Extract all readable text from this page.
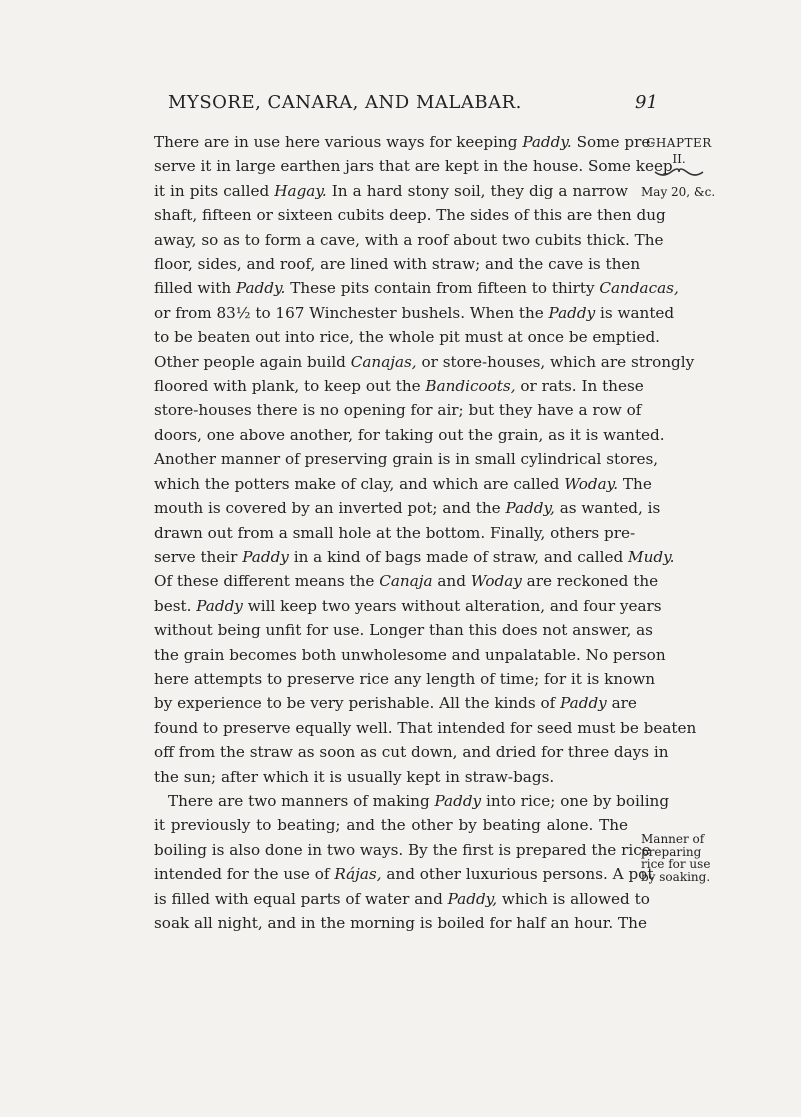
MYSORE, CANARA, AND MALABAR.	91
CHAPTER
II.
May 20, &c.
Manner of preparing rice for use by soaking.
There are in use here various ways for keeping Paddy. Some pre-
serve it in large earthen jars that are kept in the house. Some keep
it in pits called Hagay. In a hard stony soil, they dig a narrow
shaft, fifteen or sixteen cubits deep. The sides of this are then dug
away, so as to form a cave, with a roof about two cubits thick. The
floor, sides, and roof, are lined with straw; and the cave is then
filled with Paddy. These pits contain from fifteen to thirty Candacas,
or from 83½ to 167 Winchester bushels. When the Paddy is wanted
to be beaten out into rice, the whole pit must at once be emptied.
Other people again build Canajas, or store-houses, which are strongly
floored with plank, to keep out the Bandicoots, or rats. In these
store-houses there is no opening for air; but they have a row of
doors, one above another, for taking out the grain, as it is wanted.
Another manner of preserving grain is in small cylindrical stores,
which the potters make of clay, and which are called Woday. The
mouth is covered by an inverted pot; and the Paddy, as wanted, is
drawn out from a small hole at the bottom. Finally, others pre-
serve their Paddy in a kind of bags made of straw, and called Mudy.
Of these different means the Canaja and Woday are reckoned the
best. Paddy will keep two years without alteration, and four years
without being unfit for use. Longer than this does not answer, as
the grain becomes both unwholesome and unpalatable. No person
here attempts to preserve rice any length of time; for it is known
by experience to be very perishable. All the kinds of Paddy are
found to preserve equally well. That intended for seed must be beaten
off from the straw as soon as cut down, and dried for three days in
the sun; after which it is usually kept in straw-bags.
There are two manners of making Paddy into rice; one by boiling
it previously to beating; and the other by beating alone. The
boiling is also done in two ways. By the first is prepared the rice
intended for the use of Rájas, and other luxurious persons. A pot
is filled with equal parts of water and Paddy, which is allowed to
soak all night, and in the morning is boiled for half an hour. The
